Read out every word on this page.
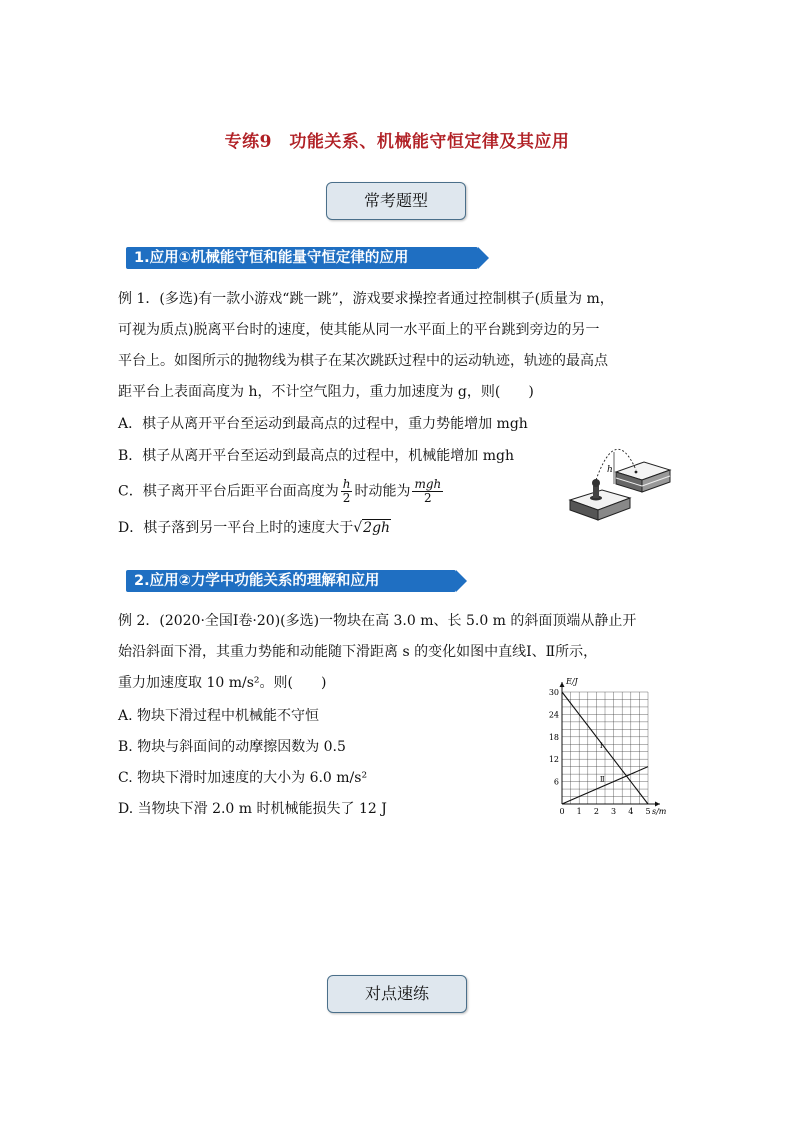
专练9　功能关系、机械能守恒定律及其应用
常考题型
1.应用①机械能守恒和能量守恒定律的应用
例 1．(多选)有一款小游戏“跳一跳”，游戏要求操控者通过控制棋子(质量为 m，
可视为质点)脱离平台时的速度，使其能从同一水平面上的平台跳到旁边的另一
平台上。如图所示的抛物线为棋子在某次跳跃过程中的运动轨迹，轨迹的最高点
距平台上表面高度为 h，不计空气阻力，重力加速度为 g，则(　　)
A．棋子从离开平台至运动到最高点的过程中，重力势能增加 mgh
B．棋子从离开平台至运动到最高点的过程中，机械能增加 mgh
C．棋子离开平台后距平台面高度为 $\frac{h}{2}$ 时动能为 $\frac{\text{mgh}}{2}$
D．棋子落到另一平台上时的速度大于√2gh
h
2.应用②力学中功能关系的理解和应用
例 2．(2020·全国Ⅰ卷·20)(多选)一物块在高 3.0 m、长 5.0 m 的斜面顶端从静止开
始沿斜面下滑，其重力势能和动能随下滑距离 s 的变化如图中直线Ⅰ、Ⅱ所示，
重力加速度取 10 m/s²。则(　　)
A. 物块下滑过程中机械能不守恒
B. 物块与斜面间的动摩擦因数为 0.5
C. 物块下滑时加速度的大小为 6.0 m/s²
D. 当物块下滑 2.0 m 时机械能损失了 12 J	0 1 2 3 4 5
6
12
18
24
30
E/J
s/m
Ⅰ
Ⅱ
对点速练
